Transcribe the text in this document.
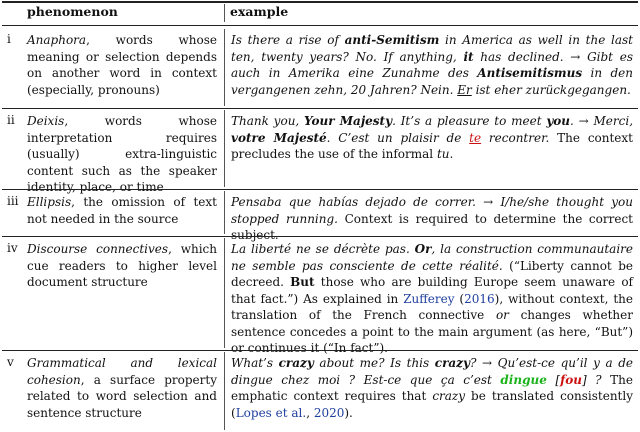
phenomenon	example
i Anaphora, words whose meaning or selection depends on another word in context (especially, pronouns)
Is there a rise of anti-Semitism in America as well in the last ten, twenty years? No. If anything, it has declined. → Gibt es auch in Amerika eine Zunahme des Antisemitismus in den vergangenen zehn, 20 Jahren? Nein. Er ist eher zurückgegangen.
ii Deixis, words whose interpretation requires (usually) extra-linguistic content such as the speaker identity, place, or time
Thank you, Your Majesty. It’s a pleasure to meet you. → Merci, votre Majesté. C’est un plaisir de te recontrer. The context precludes the use of the informal tu.
iii Ellipsis, the omission of text not needed in the source
Pensaba que habías dejado de correr. → I/he/she thought you stopped running. Context is required to determine the correct subject.
iv Discourse connectives, which cue readers to higher level document structure
La liberté ne se décrète pas. Or, la construction communautaire ne semble pas consciente de cette réalité. (“Liberty cannot be decreed. But those who are building Europe seem unaware of that fact.”) As explained in Zufferey (2016), without context, the translation of the French connective or changes whether sentence concedes a point to the main argument (as here, “But”) or continues it (“In fact”).
v Grammatical and lexical cohesion, a surface property related to word selection and sentence structure
What’s crazy about me? Is this crazy? → Qu’est-ce qu’il y a de dingue chez moi ? Est-ce que ça c’est dingue [fou] ? The emphatic context requires that crazy be translated consistently (Lopes et al., 2020).
